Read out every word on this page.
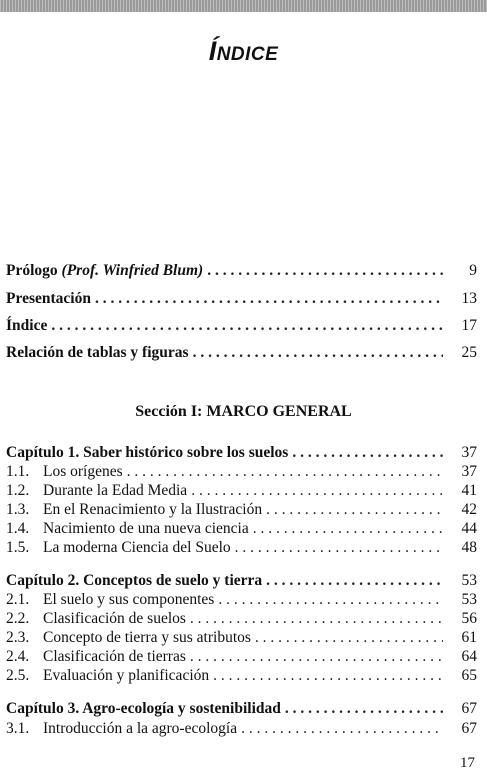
Índice
Prólogo (Prof. Winfried Blum) . . .	9
Presentación . . .	13
Índice . . .	17
Relación de tablas y figuras . . .	25
Sección I: MARCO GENERAL
Capítulo 1. Saber histórico sobre los suelos . . .	37
1.1. Los orígenes . . .	37
1.2. Durante la Edad Media . . .	41
1.3. En el Renacimiento y la Ilustración . . .	42
1.4. Nacimiento de una nueva ciencia . . .	44
1.5. La moderna Ciencia del Suelo . . .	48
Capítulo 2. Conceptos de suelo y tierra . . .	53
2.1. El suelo y sus componentes . . .	53
2.2. Clasificación de suelos . . .	56
2.3. Concepto de tierra y sus atributos . . .	61
2.4. Clasificación de tierras . . .	64
2.5. Evaluación y planificación . . .	65
Capítulo 3. Agro-ecología y sostenibilidad . . .	67
3.1. Introducción a la agro-ecología . . .	67
17
